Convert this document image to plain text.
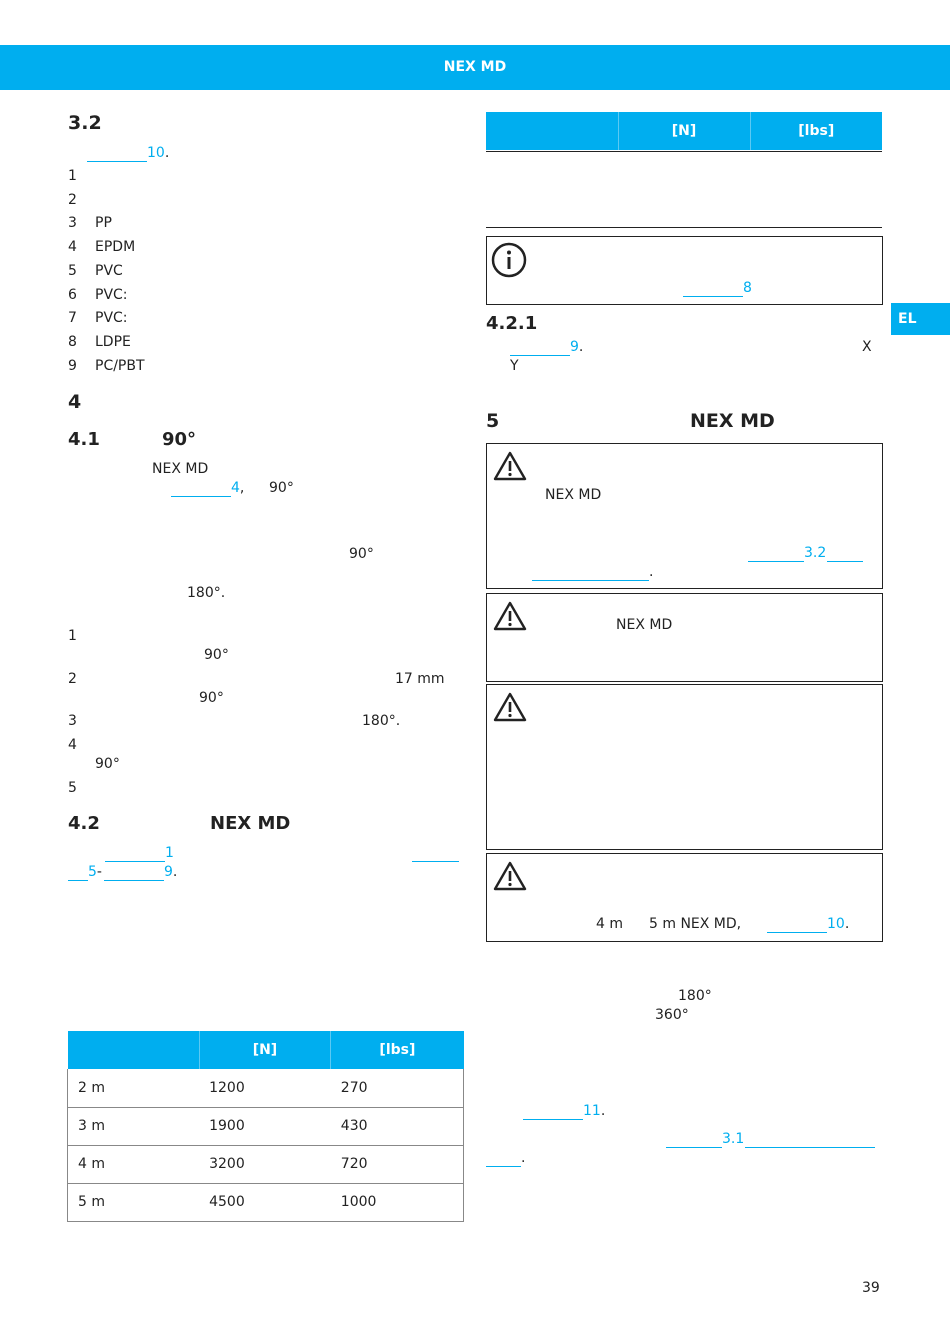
NEX MD
EL
3.2
10.
1
2
3 PP
4 EPDM
5 PVC
6 PVC:
7 PVC:
8 LDPE
9 PC/PBT
4
4.1	90°
NEX MD
4, 90°
90°
180°.
1
90°
2	17 mm
90°
3	180°.
4
90°
5
4.2	NEX MD
1
5-	9.
	[N]	[lbs]
2 m	1200	270
3 m	1900	430
4 m	3200	720
5 m	4500	1000
	[N]	[lbs]
8
4.2.1
9.	X
Y
5	NEX MD
NEX MD
3.2
.
NEX MD
4 m 5 m NEX MD,	10.
180°
360°
11.
3.1
.
39
